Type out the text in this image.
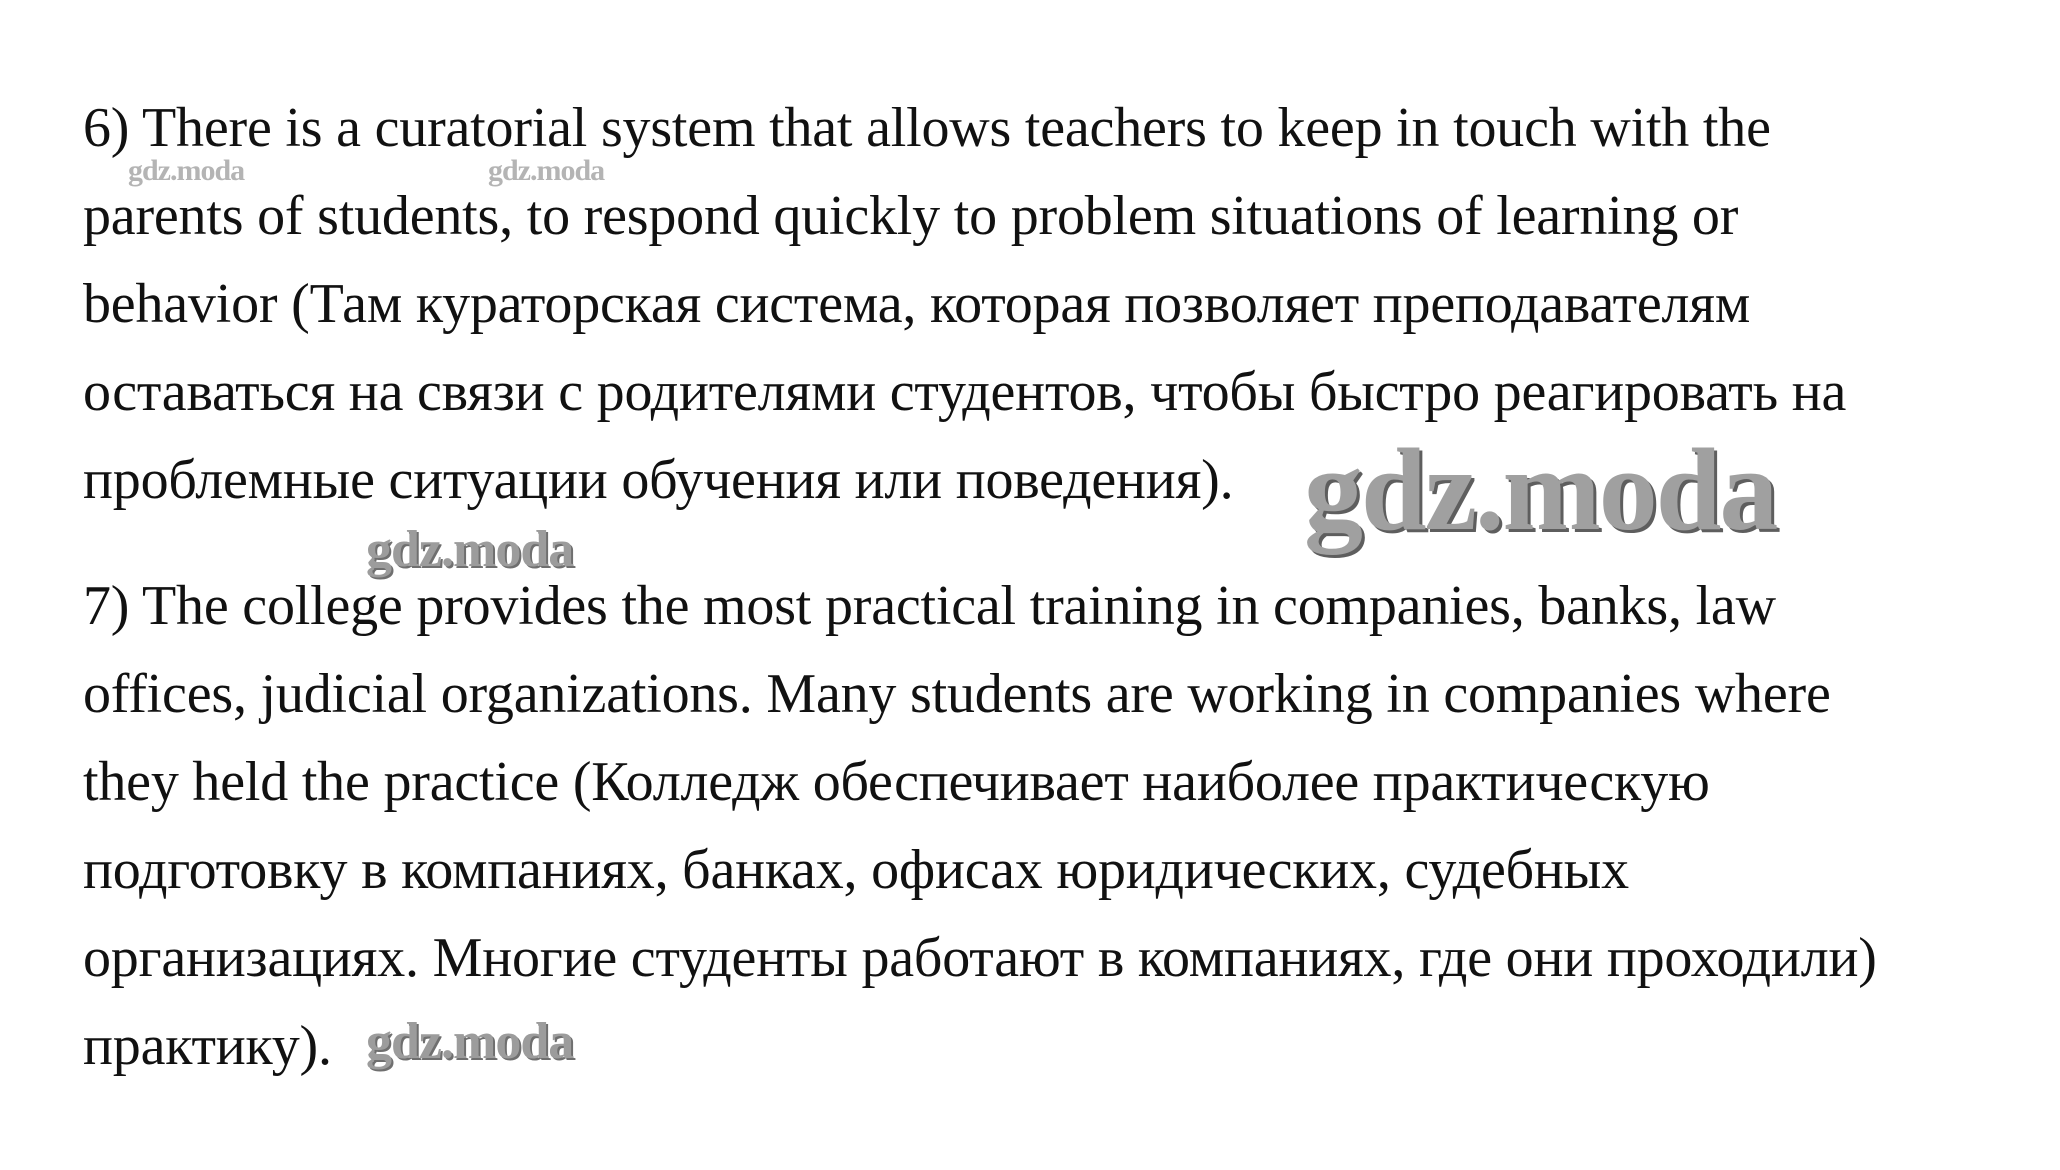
6) There is a curatorial system that allows teachers to keep in touch with the
parents of students, to respond quickly to problem situations of learning or
behavior (Там кураторская система, которая позволяет преподавателям
оставаться на связи с родителями студентов, чтобы быстро реагировать на
проблемные ситуации обучения или поведения).
7) The college provides the most practical training in companies, banks, law
offices, judicial organizations. Many students are working in companies where
they held the practice (Колледж обеспечивает наиболее практическую
подготовку в компаниях, банках, офисах юридических, судебных
организациях. Многие студенты работают в компаниях, где они проходили)
практику).
gdz.moda	gdz.moda
gdz.moda
gdz.moda
gdz.moda
